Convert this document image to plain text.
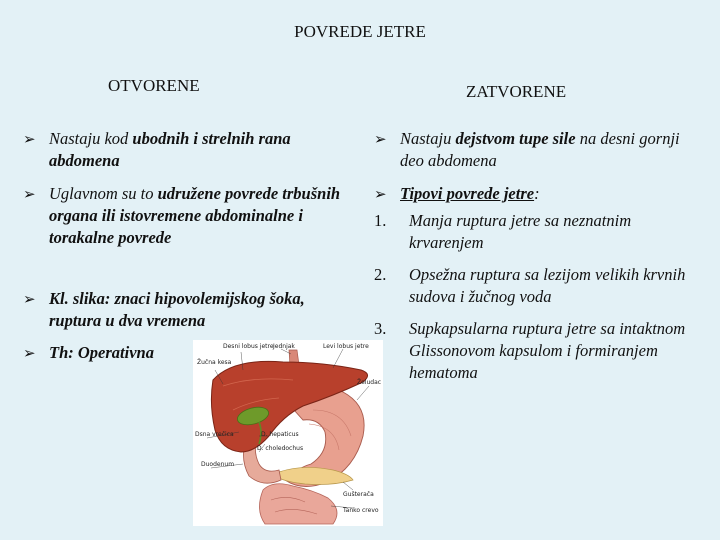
POVREDE JETRE
OTVORENE	ZATVORENE
➢ Nastaju kod ubodnih i strelnih rana abdomena
➢ Uglavnom su to udružene povrede trbušnih organa ili istovremene abdominalne i torakalne povrede
➢ Kl. slika: znaci hipovolemijskog šoka, ruptura u dva vremena
➢ Th: Operativna
➢ Nastaju dejstvom tupe sile na desni gornji deo abdomena
➢ Tipovi povrede jetre:
1.	Manja ruptura jetre sa neznatnim krvarenjem
2.	Opsežna ruptura sa lezijom velikih krvnih sudova i žučnog voda
3.	Supkapsularna ruptura jetre sa intaktnom Glissonovom kapsulom i formiranjem hematoma
Desni lobus jetre Jednjak	Levi lobus jetre
Žučna kesa
Želudac
Dsna vrečica	D. hepaticus
D. choledochus
Duodenum
Gušterača
Tanko crevo
